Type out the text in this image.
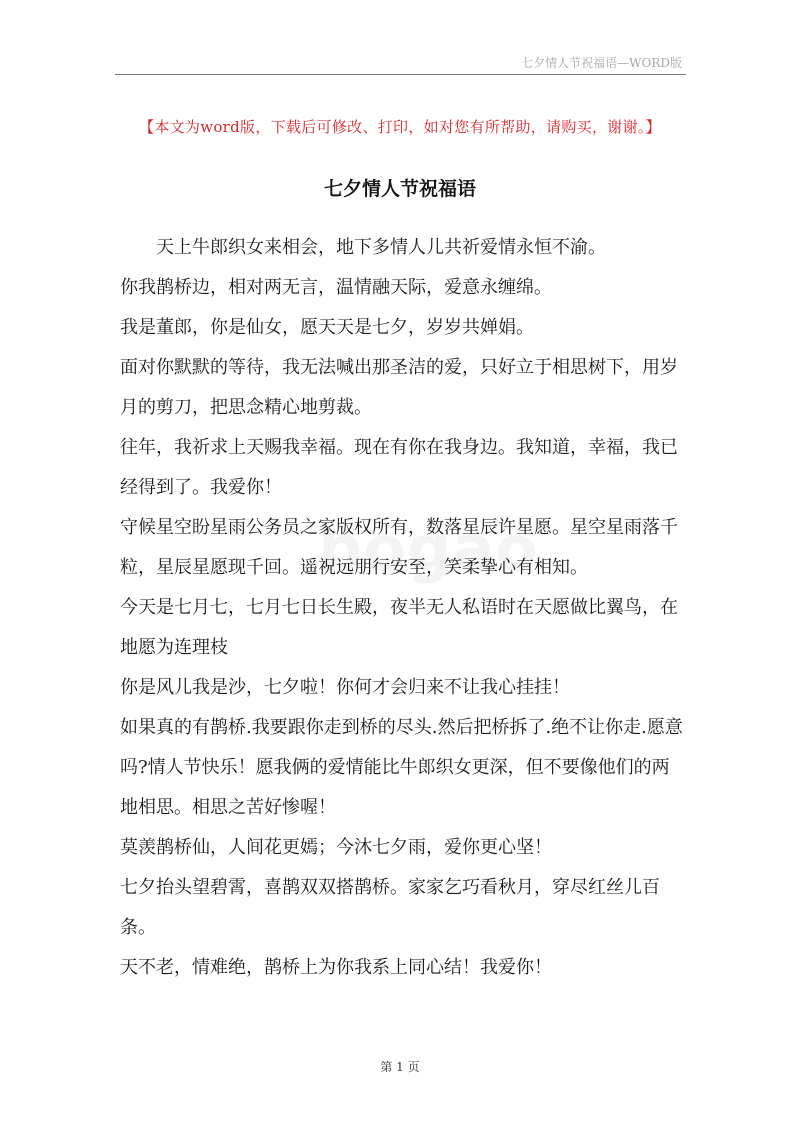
七夕情人节祝福语—WORD版
【本文为word版，下载后可修改、打印，如对您有所帮助，请购买，谢谢。】
七夕情人节祝福语

天上牛郎织女来相会，地下多情人儿共祈爱情永恒不渝。

你我鹊桥边，相对两无言，温情融天际，爱意永缠绵。

我是董郎，你是仙女，愿天天是七夕，岁岁共婵娟。

面对你默默的等待，我无法喊出那圣洁的爱，只好立于相思树下，用岁月的剪刀，把思念精心地剪裁。

往年，我祈求上天赐我幸福。现在有你在我身边。我知道，幸福，我已经得到了。我爱你！

守候星空盼星雨公务员之家版权所有，数落星辰许星愿。星空星雨落千粒，星辰星愿现千回。遥祝远朋行安至，笑柔挚心有相知。

今天是七月七，七月七日长生殿，夜半无人私语时在天愿做比翼鸟，在地愿为连理枝

你是风儿我是沙，七夕啦！你何才会归来不让我心挂挂！

如果真的有鹊桥.我要跟你走到桥的尽头.然后把桥拆了.绝不让你走.愿意吗?情人节快乐！愿我俩的爱情能比牛郎织女更深，但不要像他们的两地相思。相思之苦好惨喔！

莫羡鹊桥仙，人间花更嫣；今沐七夕雨，爱你更心坚！

七夕抬头望碧霄，喜鹊双双搭鹊桥。家家乞巧看秋月，穿尽红丝儿百条。

天不老，情难绝，鹊桥上为你我系上同心结！我爱你！

第 1 页
